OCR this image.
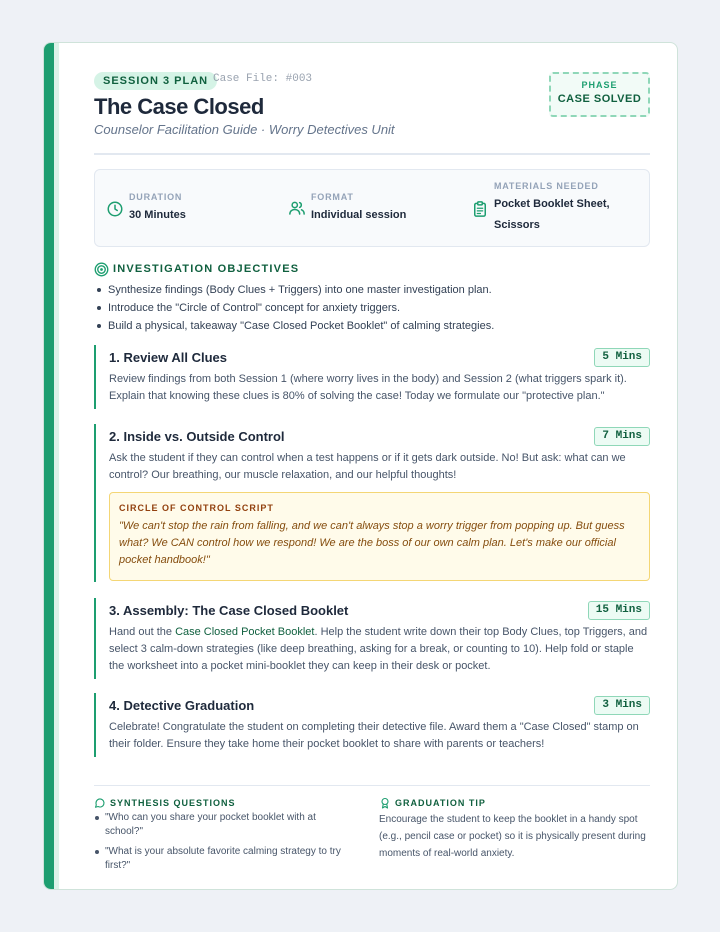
SESSION 3 PLAN Case File: #003
The Case Closed
Counselor Facilitation Guide · Worry Detectives Unit
PHASE
CASE SOLVED
DURATION
30 Minutes
FORMAT
Individual session
MATERIALS NEEDED
Pocket Booklet Sheet,
Scissors
INVESTIGATION OBJECTIVES
Synthesize findings (Body Clues + Triggers) into one master investigation plan.
Introduce the "Circle of Control" concept for anxiety triggers.
Build a physical, takeaway "Case Closed Pocket Booklet" of calming strategies.
1. Review All Clues	5 Mins
Review findings from both Session 1 (where worry lives in the body) and Session 2 (what triggers spark it). Explain that knowing these clues is 80% of solving the case! Today we formulate our "protective plan."
2. Inside vs. Outside Control	7 Mins
Ask the student if they can control when a test happens or if it gets dark outside. No! But ask: what can we control? Our breathing, our muscle relaxation, and our helpful thoughts!
CIRCLE OF CONTROL SCRIPT
"We can't stop the rain from falling, and we can't always stop a worry trigger from popping up. But guess what? We CAN control how we respond! We are the boss of our own calm plan. Let's make our official pocket handbook!"
3. Assembly: The Case Closed Booklet	15 Mins
Hand out the Case Closed Pocket Booklet. Help the student write down their top Body Clues, top Triggers, and select 3 calm-down strategies (like deep breathing, asking for a break, or counting to 10). Help fold or staple the worksheet into a pocket mini-booklet they can keep in their desk or pocket.
4. Detective Graduation	3 Mins
Celebrate! Congratulate the student on completing their detective file. Award them a "Case Closed" stamp on their folder. Ensure they take home their pocket booklet to share with parents or teachers!
SYNTHESIS QUESTIONS
"Who can you share your pocket booklet with at school?"
"What is your absolute favorite calming strategy to try first?"
GRADUATION TIP
Encourage the student to keep the booklet in a handy spot (e.g., pencil case or pocket) so it is physically present during moments of real-world anxiety.
